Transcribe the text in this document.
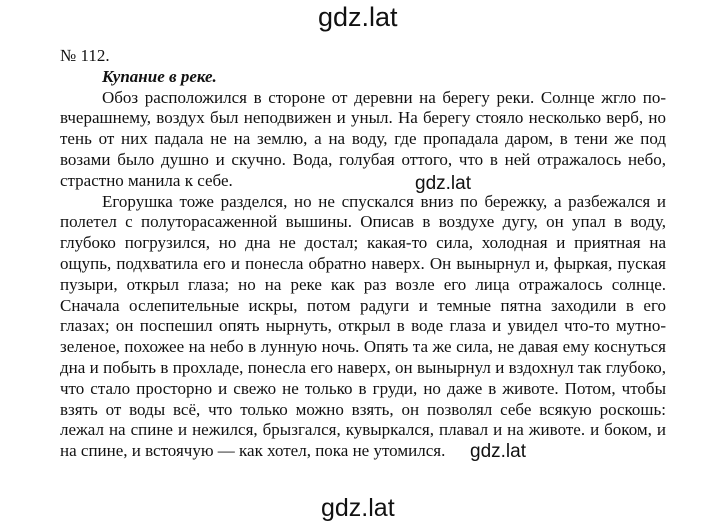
gdz.lat
№ 112.
Купание в реке.

Обоз расположился в стороне от деревни на берегу реки. Солнце жгло по-вчерашнему, воздух был неподвижен и уныл. На берегу стояло несколько верб, но тень от них падала не на землю, а на воду, где пропадала даром, в тени же под возами было душно и скучно. Вода, голубая оттого, что в ней отражалось небо, страстно манила к себе.

Егорушка тоже разделся, но не спускался вниз по бережку, а разбежался и полетел с полуторасаженной вышины. Описав в воздухе дугу, он упал в воду, глубоко погрузился, но дна не достал; какая-то сила, холодная и приятная на ощупь, подхватила его и понесла обратно наверх. Он вынырнул и, фыркая, пуская пузыри, открыл глаза; но на реке как раз возле его лица отражалось солнце. Сначала ослепительные искры, потом радуги и темные пятна заходили в его глазах; он поспешил опять нырнуть, открыл в воде глаза и увидел что-то мутно-зеленое, похожее на небо в лунную ночь. Опять та же сила, не давая ему коснуться дна и побыть в прохладе, понесла его наверх, он вынырнул и вздохнул так глубоко, что стало просторно и свежо не только в груди, но даже в животе. Потом, чтобы взять от воды всё, что только можно взять, он позволял себе всякую роскошь: лежал на спине и нежился, брызгался, кувыркался, плавал и на животе. и боком, и на спине, и встоячую — как хотел, пока не утомился.

gdz.lat
gdz.lat
gdz.lat
